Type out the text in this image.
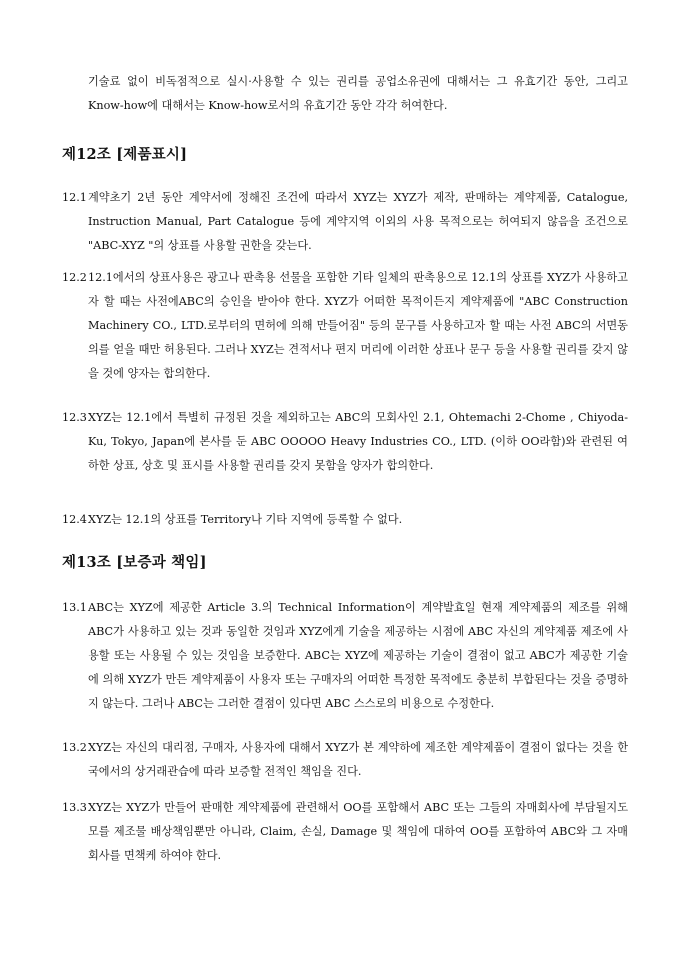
기술료 없이 비독점적으로 실시·사용할 수 있는 권리를 공업소유권에 대해서는 그 유효기간 동안, 그리고 Know-how에 대해서는 Know-how로서의 유효기간 동안 각각 허여한다.

제12조 [제품표시]
12.1 계약초기 2년 동안 계약서에 정해진 조건에 따라서 XYZ는 XYZ가 제작, 판매하는 계약제품, Catalogue, Instruction Manual, Part Catalogue 등에 계약지역 이외의 사용 목적으로는 허여되지 않음을 조건으로 "ABC-XYZ "의 상표를 사용할 권한을 갖는다.
12.2 12.1에서의 상표사용은 광고나 판촉용 선물을 포함한 기타 일체의 판촉용으로 12.1의 상표를 XYZ가 사용하고자 할 때는 사전에ABC의 승인을 받아야 한다. XYZ가 어떠한 목적이든지 계약제품에 "ABC Construction Machinery CO., LTD.로부터의 면허에 의해 만들어짐" 등의 문구를 사용하고자 할 때는 사전 ABC의 서면동의를 얻을 때만 허용된다. 그러나 XYZ는 견적서나 편지 머리에 이러한 상표나 문구 등을 사용할 권리를 갖지 않을 것에 양자는 합의한다.
12.3 XYZ는 12.1에서 특별히 규정된 것을 제외하고는 ABC의 모회사인 2.1, Ohtemachi 2-Chome , Chiyoda-Ku, Tokyo, Japan에 본사를 둔 ABC OOOOO Heavy Industries CO., LTD. (이하 OO라함)와 관련된 여하한 상표, 상호 및 표시를 사용할 권리를 갖지 못함을 양자가 합의한다.
12.4 XYZ는 12.1의 상표를 Territory나 기타 지역에 등록할 수 없다.
제13조 [보증과 책임]
13.1 ABC는 XYZ에 제공한 Article 3.의 Technical Information이 계약발효일 현재 계약제품의 제조를 위해 ABC가 사용하고 있는 것과 동일한 것임과 XYZ에게 기술을 제공하는 시점에 ABC 자신의 계약제품 제조에 사용할 또는 사용될 수 있는 것임을 보증한다. ABC는 XYZ에 제공하는 기술이 결점이 없고 ABC가 제공한 기술에 의해 XYZ가 만든 계약제품이 사용자 또는 구매자의 어떠한 특정한 목적에도 충분히 부합된다는 것을 증명하지 않는다. 그러나 ABC는 그러한 결점이 있다면 ABC 스스로의 비용으로 수정한다.
13.2 XYZ는 자신의 대리점, 구매자, 사용자에 대해서 XYZ가 본 계약하에 제조한 계약제품이 결점이 없다는 것을 한국에서의 상거래관습에 따라 보증할 전적인 책임을 진다.
13.3 XYZ는 XYZ가 만들어 판매한 계약제품에 관련해서 OO를 포함해서 ABC 또는 그들의 자매회사에 부담될지도 모를 제조물 배상책임뿐만 아니라, Claim, 손실, Damage 및 책임에 대하여 OO를 포함하여 ABC와 그 자매회사를 면책케 하여야 한다.
